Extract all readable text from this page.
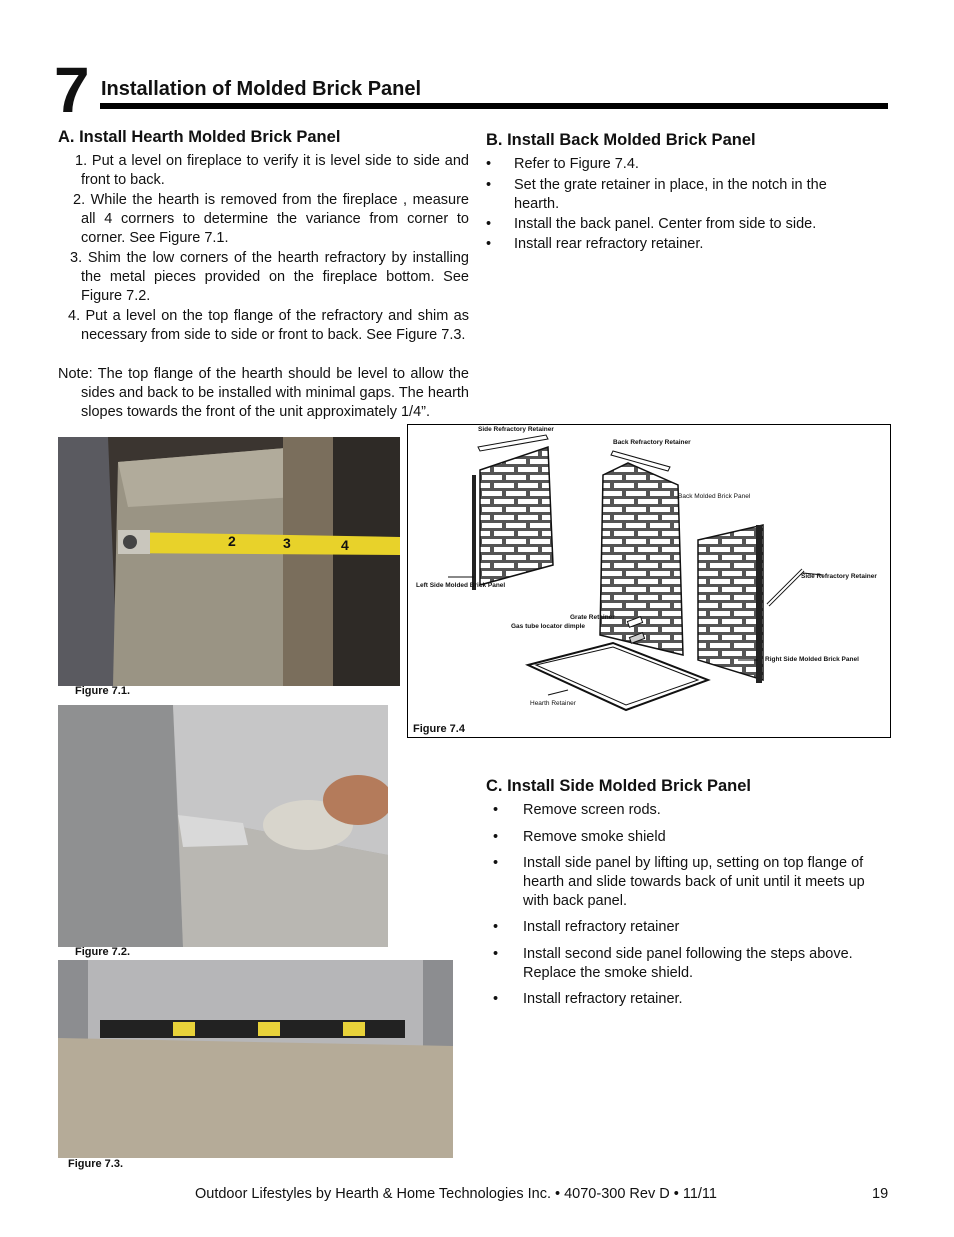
7 Installation of Molded Brick Panel
A. Install Hearth Molded Brick Panel
1. Put a level on fireplace to verify it is level side to side and front to back.
2. While the hearth is removed from the fireplace , measure all 4 corrners to determine the variance from corner to corner. See Figure 7.1.
3. Shim the low corners of the hearth refractory by installing the metal pieces provided on the fireplace bottom. See Figure 7.2.
4. Put a level on the top flange of the refractory and shim as necessary from side to side or front to back. See Figure 7.3.
Note: The top flange of the hearth should be level to allow the sides and back to be installed with minimal gaps. The hearth slopes towards the front of the unit approximately 1/4”.
B. Install Back Molded Brick Panel
•	Refer to Figure 7.4.
•	Set the grate retainer in place, in the notch in the hearth.
•	Install the back panel. Center from side to side.
•	Install rear refractory retainer.
2	3	4
Figure 7.1.
Side Refractory Retainer
Back Refractory Retainer
Back Molded Brick Panel
Side Refractory Retainer
Left Side Molded Brick Panel
Grate Retainer
Gas tube locator dimple
Right Side Molded Brick Panel
Hearth Retainer
Figure 7.4
Figure 7.2.
Figure 7.3.
C. Install Side Molded Brick Panel
•	Remove screen rods.
•	Remove smoke shield
•	Install side panel by lifting up, setting on top flange of hearth and slide towards back of unit until it meets up with back panel.
•	Install refractory retainer
•	Install second side panel following the steps above. Replace the smoke shield.
•	Install refractory retainer.
Outdoor Lifestyles by Hearth & Home Technologies Inc. • 4070-300 Rev D • 11/11	19
